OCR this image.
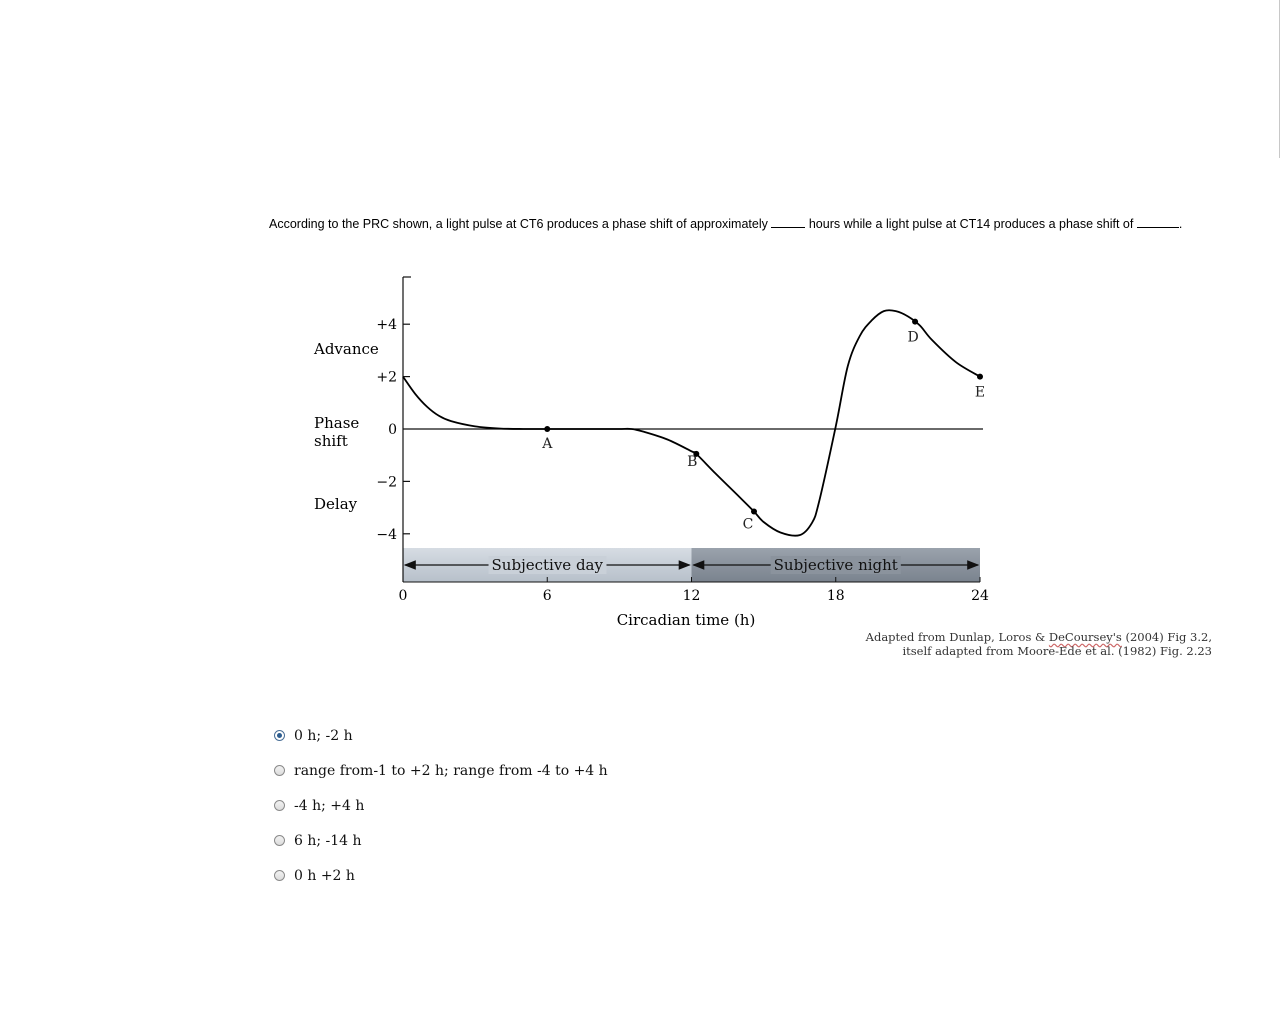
According to the PRC shown, a light pulse at CT6 produces a phase shift of approximately	hours while a light pulse at CT14 produces a phase shift of	.
Advance
Phase
shift
Delay
Subjective day	Subjective night
+4
+2
0
−2
−4
0	6	12	18	24
A
B
C
D
E
Circadian time (h)
Adapted from Dunlap, Loros & DeCoursey's (2004) Fig 3.2,
itself adapted from Moore-Ede et al. (1982) Fig. 2.23
0 h; -2 h
range from-1 to +2 h; range from -4 to +4 h
-4 h; +4 h
6 h; -14 h
0 h +2 h
